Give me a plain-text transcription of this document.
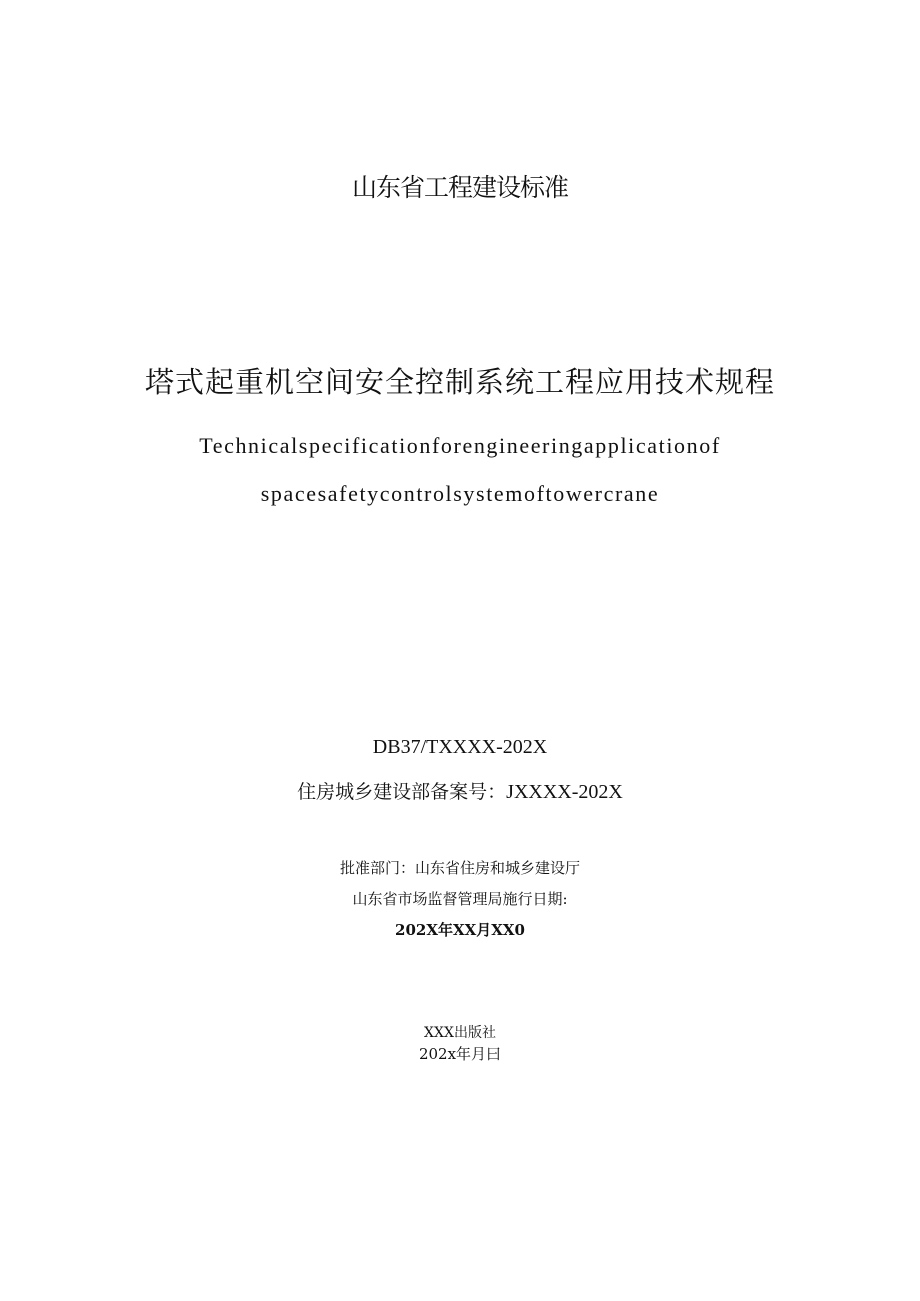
山东省工程建设标准
塔式起重机空间安全控制系统工程应用技术规程
Technicalspecificationforengineeringapplicationof
spacesafetycontrolsystemoftowercrane
DB37/TXXXX-202X
住房城乡建设部备案号：JXXXX-202X
批准部门：山东省住房和城乡建设厅
山东省市场监督管理局施行日期:
202X年XX月XX0
XXX出版社
202x年月曰
